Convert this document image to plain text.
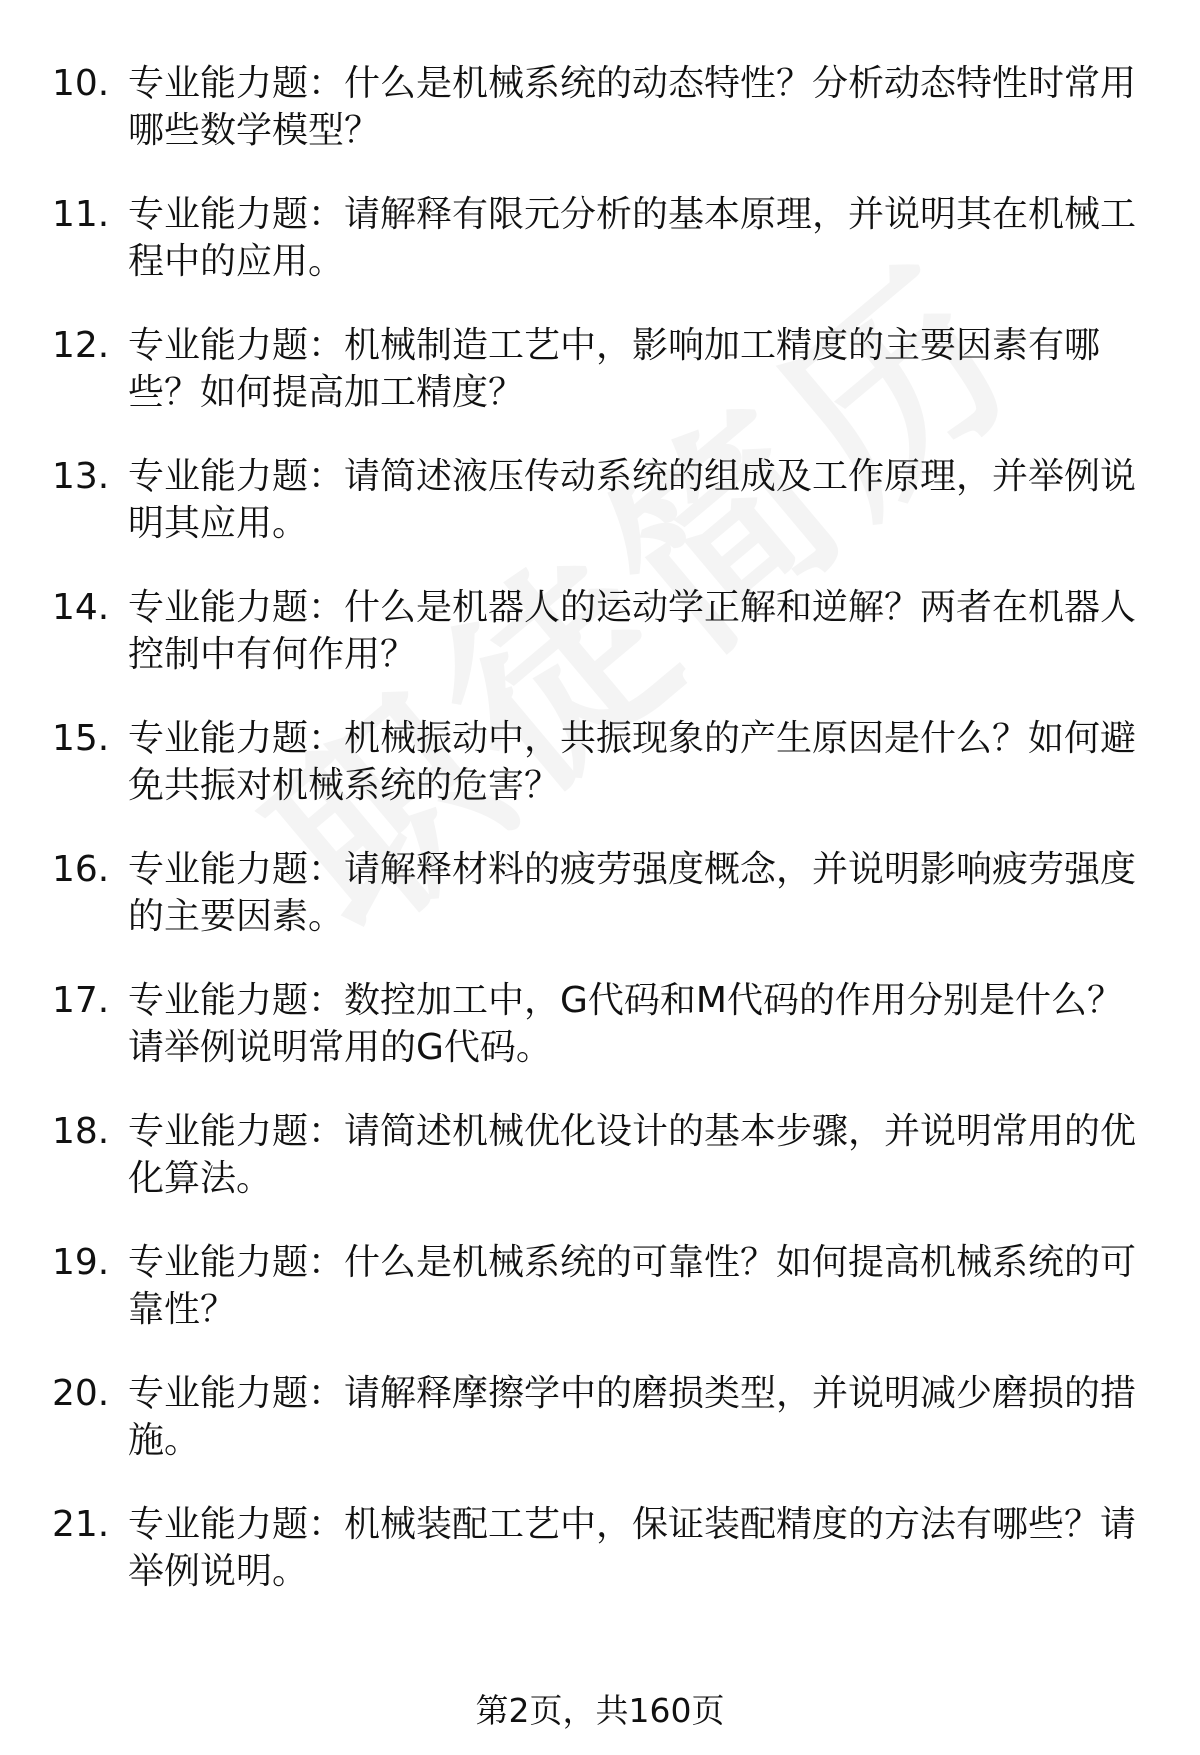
10. 专业能力题：什么是机械系统的动态特性？分析动态特性时常用哪些数学模型？
11. 专业能力题：请解释有限元分析的基本原理，并说明其在机械工程中的应用。
12. 专业能力题：机械制造工艺中，影响加工精度的主要因素有哪些？如何提高加工精度？
13. 专业能力题：请简述液压传动系统的组成及工作原理，并举例说明其应用。
14. 专业能力题：什么是机器人的运动学正解和逆解？两者在机器人控制中有何作用？
15. 专业能力题：机械振动中，共振现象的产生原因是什么？如何避免共振对机械系统的危害？
16. 专业能力题：请解释材料的疲劳强度概念，并说明影响疲劳强度的主要因素。
17. 专业能力题：数控加工中，G代码和M代码的作用分别是什么？请举例说明常用的G代码。
18. 专业能力题：请简述机械优化设计的基本步骤，并说明常用的优化算法。
19. 专业能力题：什么是机械系统的可靠性？如何提高机械系统的可靠性？
20. 专业能力题：请解释摩擦学中的磨损类型，并说明减少磨损的措施。
21. 专业能力题：机械装配工艺中，保证装配精度的方法有哪些？请举例说明。
第2页，共160页
